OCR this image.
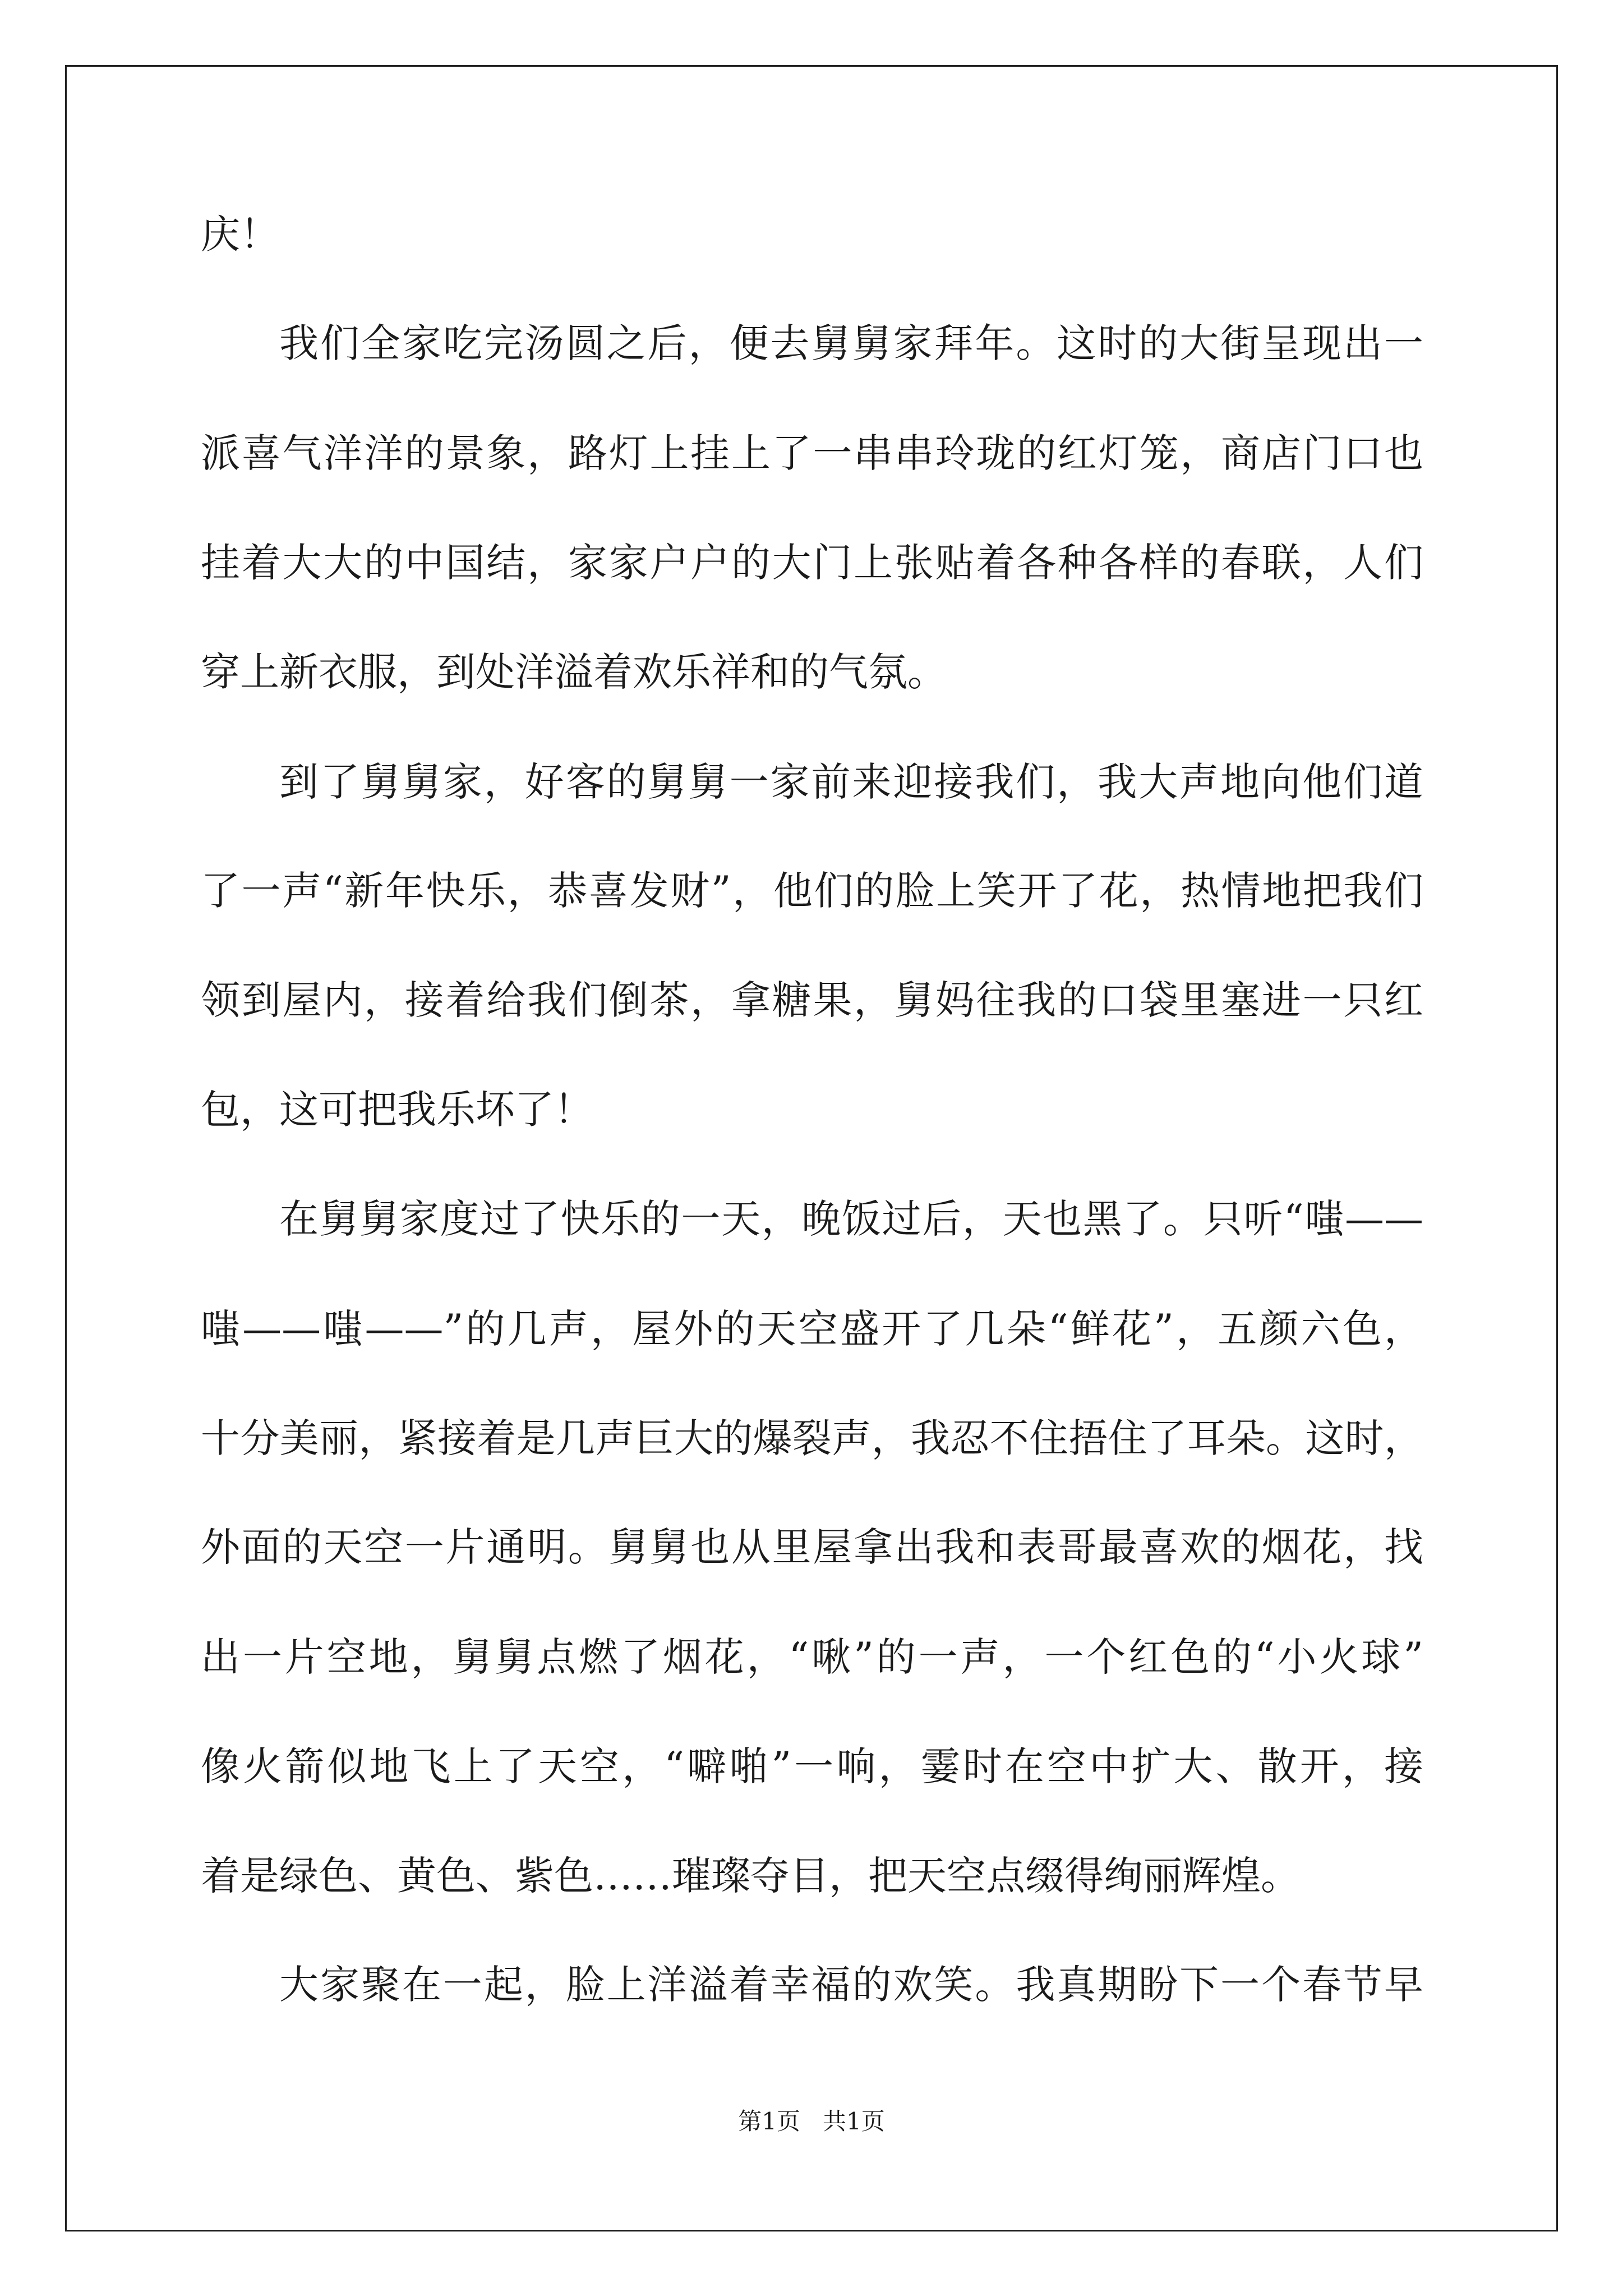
庆！

我们全家吃完汤圆之后，便去舅舅家拜年。这时的大街呈现出一

派喜气洋洋的景象，路灯上挂上了一串串玲珑的红灯笼，商店门口也

挂着大大的中国结，家家户户的大门上张贴着各种各样的春联，人们

穿上新衣服，到处洋溢着欢乐祥和的气氛。

到了舅舅家，好客的舅舅一家前来迎接我们，我大声地向他们道

了一声“新年快乐，恭喜发财”，他们的脸上笑开了花，热情地把我们

领到屋内，接着给我们倒茶，拿糖果，舅妈往我的口袋里塞进一只红

包，这可把我乐坏了！

在舅舅家度过了快乐的一天，晚饭过后，天也黑了。只听“嗤——

嗤——嗤——”的几声，屋外的天空盛开了几朵“鲜花”，五颜六色，

十分美丽，紧接着是几声巨大的爆裂声，我忍不住捂住了耳朵。这时，

外面的天空一片通明。舅舅也从里屋拿出我和表哥最喜欢的烟花，找

出一片空地，舅舅点燃了烟花，“啾”的一声，一个红色的“小火球”

像火箭似地飞上了天空，“噼啪”一响，霎时在空中扩大、散开，接

着是绿色、黄色、紫色……璀璨夺目，把天空点缀得绚丽辉煌。

大家聚在一起，脸上洋溢着幸福的欢笑。我真期盼下一个春节早

第1页   共1页
